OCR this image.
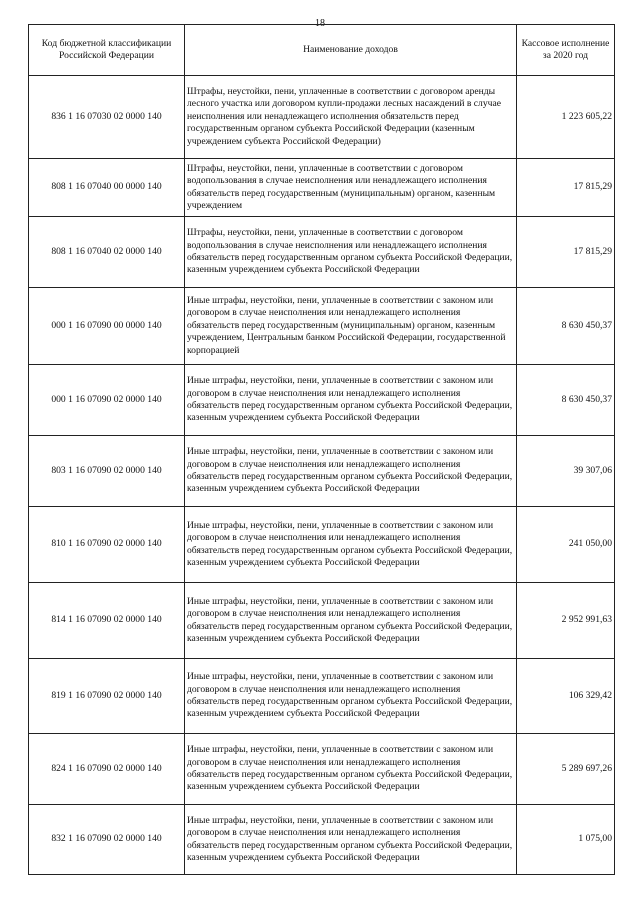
18
Код бюджетной классификации Российской Федерации	Наименование доходов	Кассовое исполнение за 2020 год
836 1 16 07030 02 0000 140	Штрафы, неустойки, пени, уплаченные в соответствии с договором аренды лесного участка или договором купли-продажи лесных насаждений в случае неисполнения или ненадлежащего исполнения обязательств перед государственным органом субъекта Российской Федерации (казенным учреждением субъекта Российской Федерации)	1 223 605,22
808 1 16 07040 00 0000 140	Штрафы, неустойки, пени, уплаченные в соответствии с договором водопользования в случае неисполнения или ненадлежащего исполнения обязательств перед государственным (муниципальным) органом, казенным учреждением	17 815,29
808 1 16 07040 02 0000 140	Штрафы, неустойки, пени, уплаченные в соответствии с договором водопользования в случае неисполнения или ненадлежащего исполнения обязательств перед государственным органом субъекта Российской Федерации, казенным учреждением субъекта Российской Федерации	17 815,29
000 1 16 07090 00 0000 140	Иные штрафы, неустойки, пени, уплаченные в соответствии с законом или договором в случае неисполнения или ненадлежащего исполнения обязательств перед государственным (муниципальным) органом, казенным учреждением, Центральным банком Российской Федерации, государственной корпорацией	8 630 450,37
000 1 16 07090 02 0000 140	Иные штрафы, неустойки, пени, уплаченные в соответствии с законом или договором в случае неисполнения или ненадлежащего исполнения обязательств перед государственным органом субъекта Российской Федерации, казенным учреждением субъекта Российской Федерации	8 630 450,37
803 1 16 07090 02 0000 140	Иные штрафы, неустойки, пени, уплаченные в соответствии с законом или договором в случае неисполнения или ненадлежащего исполнения обязательств перед государственным органом субъекта Российской Федерации, казенным учреждением субъекта Российской Федерации	39 307,06
810 1 16 07090 02 0000 140	Иные штрафы, неустойки, пени, уплаченные в соответствии с законом или договором в случае неисполнения или ненадлежащего исполнения обязательств перед государственным органом субъекта Российской Федерации, казенным учреждением субъекта Российской Федерации	241 050,00
814 1 16 07090 02 0000 140	Иные штрафы, неустойки, пени, уплаченные в соответствии с законом или договором в случае неисполнения или ненадлежащего исполнения обязательств перед государственным органом субъекта Российской Федерации, казенным учреждением субъекта Российской Федерации	2 952 991,63
819 1 16 07090 02 0000 140	Иные штрафы, неустойки, пени, уплаченные в соответствии с законом или договором в случае неисполнения или ненадлежащего исполнения обязательств перед государственным органом субъекта Российской Федерации, казенным учреждением субъекта Российской Федерации	106 329,42
824 1 16 07090 02 0000 140	Иные штрафы, неустойки, пени, уплаченные в соответствии с законом или договором в случае неисполнения или ненадлежащего исполнения обязательств перед государственным органом субъекта Российской Федерации, казенным учреждением субъекта Российской Федерации	5 289 697,26
832 1 16 07090 02 0000 140	Иные штрафы, неустойки, пени, уплаченные в соответствии с законом или договором в случае неисполнения или ненадлежащего исполнения обязательств перед государственным органом субъекта Российской Федерации, казенным учреждением субъекта Российской Федерации	1 075,00
